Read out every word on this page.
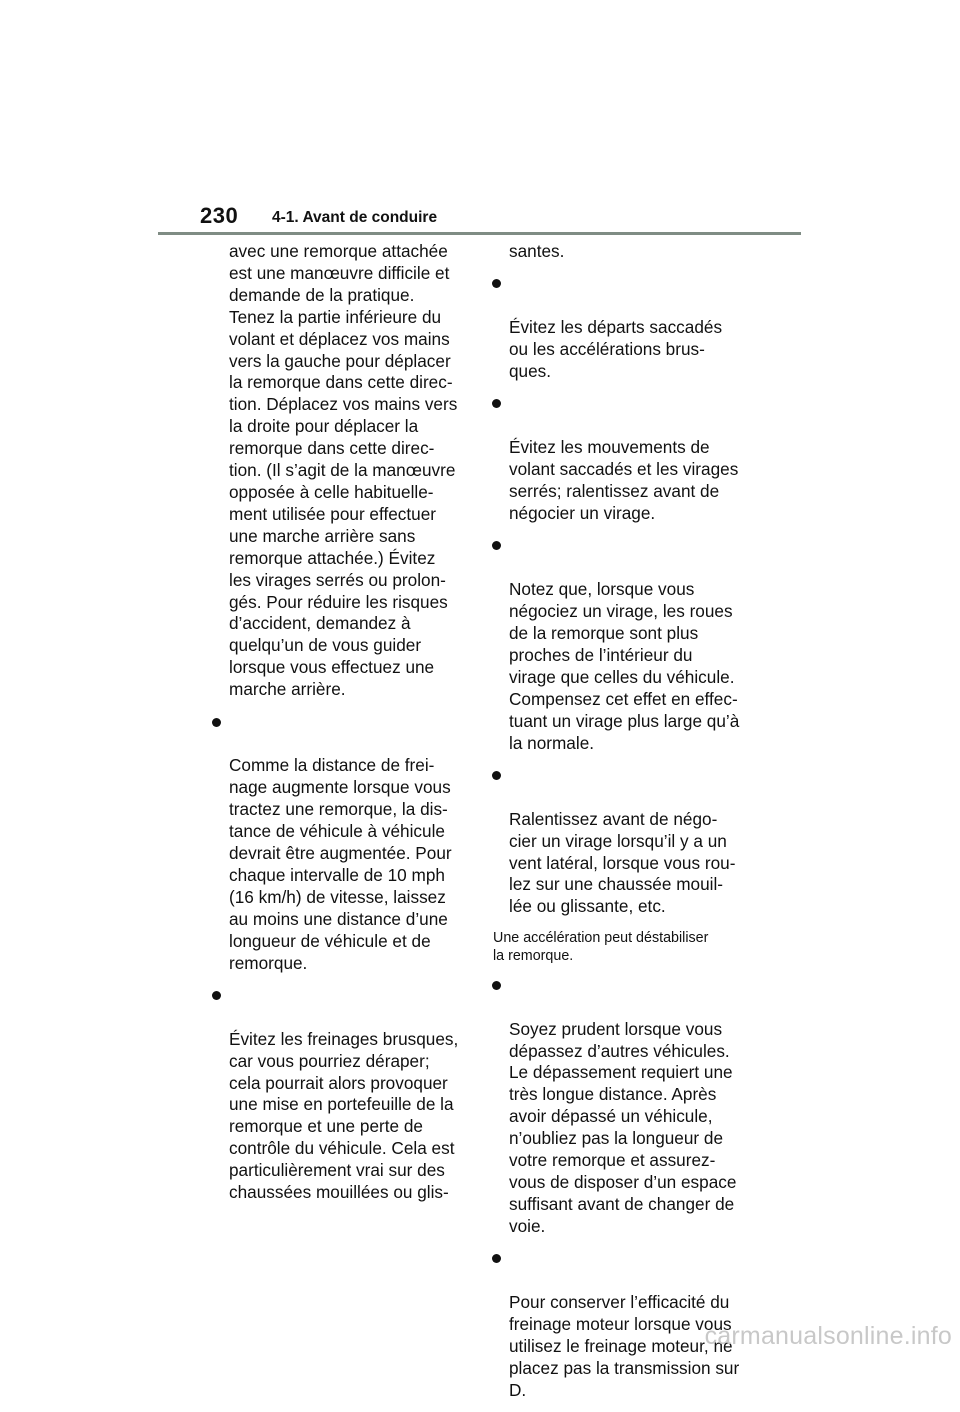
230 4-1. Avant de conduire

avec une remorque attachée
est une manœuvre difficile et
demande de la pratique.
Tenez la partie inférieure du
volant et déplacez vos mains
vers la gauche pour déplacer
la remorque dans cette direc-
tion. Déplacez vos mains vers
la droite pour déplacer la
remorque dans cette direc-
tion. (Il s’agit de la manœuvre
opposée à celle habituelle-
ment utilisée pour effectuer
une marche arrière sans
remorque attachée.) Évitez
les virages serrés ou prolon-
gés. Pour réduire les risques
d’accident, demandez à
quelqu’un de vous guider
lorsque vous effectuez une
marche arrière.

Comme la distance de frei-
nage augmente lorsque vous
tractez une remorque, la dis-
tance de véhicule à véhicule
devrait être augmentée. Pour
chaque intervalle de 10 mph
(16 km/h) de vitesse, laissez
au moins une distance d’une
longueur de véhicule et de
remorque.

Évitez les freinages brusques,
car vous pourriez déraper;
cela pourrait alors provoquer
une mise en portefeuille de la
remorque et une perte de
contrôle du véhicule. Cela est
particulièrement vrai sur des
chaussées mouillées ou glis-

santes.

Évitez les départs saccadés
ou les accélérations brus-
ques.

Évitez les mouvements de
volant saccadés et les virages
serrés; ralentissez avant de
négocier un virage.

Notez que, lorsque vous
négociez un virage, les roues
de la remorque sont plus
proches de l’intérieur du
virage que celles du véhicule.
Compensez cet effet en effec-
tuant un virage plus large qu’à
la normale.

Ralentissez avant de négo-
cier un virage lorsqu’il y a un
vent latéral, lorsque vous rou-
lez sur une chaussée mouil-
lée ou glissante, etc.

Une accélération peut déstabiliser
la remorque.

Soyez prudent lorsque vous
dépassez d’autres véhicules.
Le dépassement requiert une
très longue distance. Après
avoir dépassé un véhicule,
n’oubliez pas la longueur de
votre remorque et assurez-
vous de disposer d’un espace
suffisant avant de changer de
voie.

Pour conserver l’efficacité du
freinage moteur lorsque vous
utilisez le freinage moteur, ne
placez pas la transmission sur
D.

carmanualsonline.info
